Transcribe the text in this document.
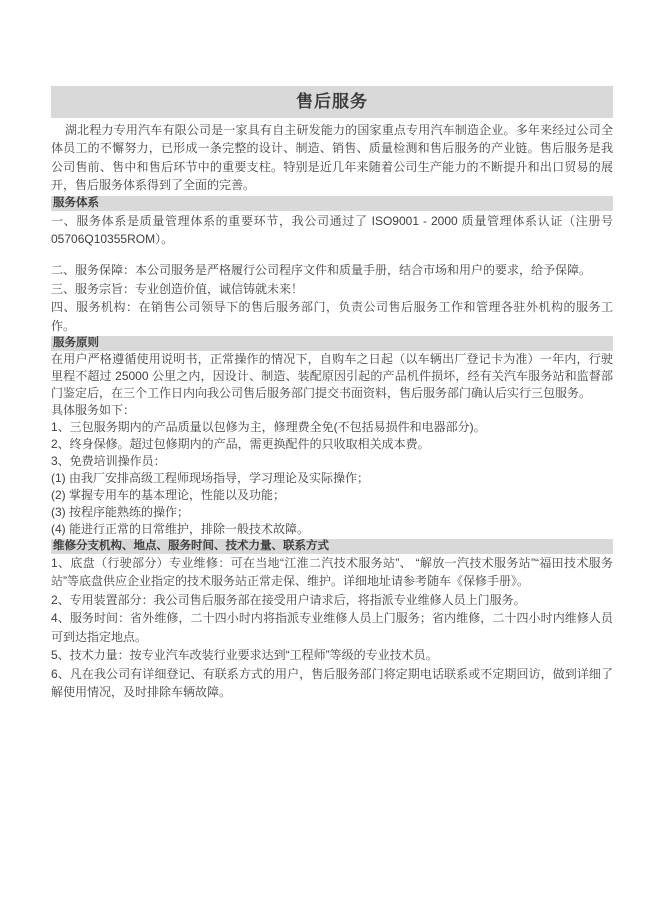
售后服务

湖北程力专用汽车有限公司是一家具有自主研发能力的国家重点专用汽车制造企业。多年来经过公司全体员工的不懈努力，已形成一条完整的设计、制造、销售、质量检测和售后服务的产业链。售后服务是我公司售前、售中和售后环节中的重要支柱。特别是近几年来随着公司生产能力的不断提升和出口贸易的展开，售后服务体系得到了全面的完善。

服务体系

一、服务体系是质量管理体系的重要环节，我公司通过了 ISO9001 - 2000 质量管理体系认证（注册号 05706Q10355ROM）。

二、服务保障：本公司服务是严格履行公司程序文件和质量手册，结合市场和用户的要求，给予保障。

三、服务宗旨：专业创造价值，诚信铸就未来！

四、服务机构：在销售公司领导下的售后服务部门，负责公司售后服务工作和管理各驻外机构的服务工作。

服务原则

在用户严格遵循使用说明书，正常操作的情况下，自购车之日起（以车辆出厂登记卡为准）一年内，行驶里程不超过 25000 公里之内，因设计、制造、装配原因引起的产品机件损坏，经有关汽车服务站和监督部门鉴定后，在三个工作日内向我公司售后服务部门提交书面资料，售后服务部门确认后实行三包服务。

具体服务如下：

1、三包服务期内的产品质量以包修为主，修理费全免(不包括易损件和电器部分)。

2、终身保修。超过包修期内的产品，需更换配件的只收取相关成本费。

3、免费培训操作员：

(1) 由我厂安排高级工程师现场指导，学习理论及实际操作；

(2) 掌握专用车的基本理论，性能以及功能；

(3) 按程序能熟练的操作；

(4) 能进行正常的日常维护，排除一般技术故障。

维修分支机构、地点、服务时间、技术力量、联系方式

1、底盘（行驶部分）专业维修：可在当地“江淮二汽技术服务站”、 “解放一汽技术服务站”“福田技术服务站”等底盘供应企业指定的技术服务站正常走保、维护。详细地址请参考随车《保修手册》。

2、专用装置部分：我公司售后服务部在接受用户请求后，将指派专业维修人员上门服务。

4、服务时间：省外维修，二十四小时内将指派专业维修人员上门服务；省内维修，二十四小时内维修人员可到达指定地点。

5、技术力量：按专业汽车改装行业要求达到“工程师”等级的专业技术员。

6、凡在我公司有详细登记、有联系方式的用户，售后服务部门将定期电话联系或不定期回访，做到详细了解使用情况，及时排除车辆故障。
